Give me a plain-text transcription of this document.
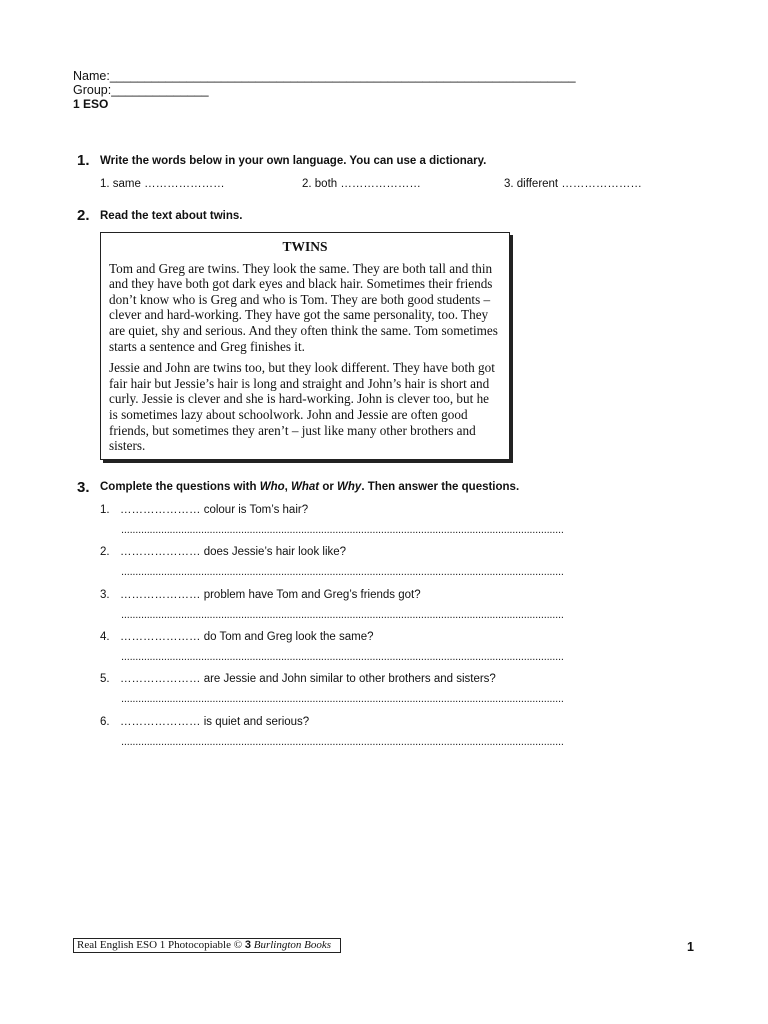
Name:___________________________________________________________________
Group:______________
1 ESO
1. Write the words below in your own language. You can use a dictionary.
1. same …………………	2. both …………………	3. different …………………
2. Read the text about twins.
TWINS

Tom and Greg are twins. They look the same. They are both tall and thin and they have both got dark eyes and black hair. Sometimes their friends don’t know who is Greg and who is Tom. They are both good students – clever and hard-working. They have got the same personality, too. They are quiet, shy and serious. And they often think the same. Tom sometimes starts a sentence and Greg finishes it.

Jessie and John are twins too, but they look different. They have both got fair hair but Jessie’s hair is long and straight and John’s hair is short and curly. Jessie is clever and she is hard-working. John is clever too, but he is sometimes lazy about schoolwork. John and Jessie are often good friends, but sometimes they aren’t – just like many other brothers and sisters.

3. Complete the questions with Who, What or Why. Then answer the questions.
1. ………………… colour is Tom’s hair?
...........................................................................................................................................................
2. ………………… does Jessie’s hair look like?
...........................................................................................................................................................
3. ………………… problem have Tom and Greg’s friends got?
...........................................................................................................................................................
4. ………………… do Tom and Greg look the same?
...........................................................................................................................................................
5. ………………… are Jessie and John similar to other brothers and sisters?
...........................................................................................................................................................
6. ………………… is quiet and serious?
...........................................................................................................................................................
Real English ESO 1 Photocopiable © 3 Burlington Books	1
